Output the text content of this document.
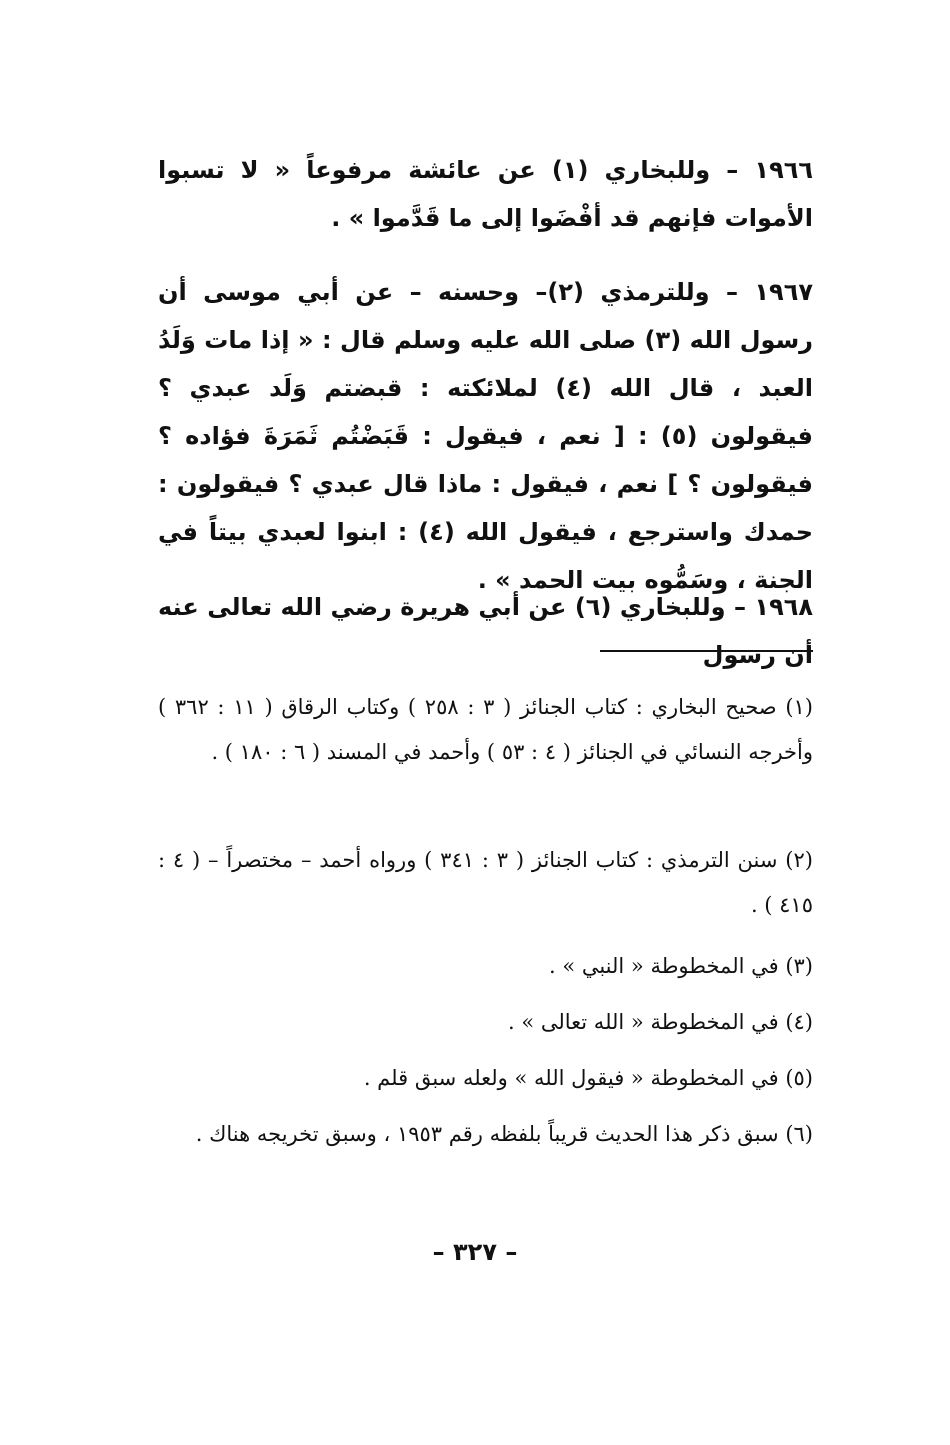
١٩٦٦ – وللبخاري (١) عن عائشة مرفوعاً « لا تسبوا الأموات فإنهم قد أفْضَوا إلى ما قَدَّموا » .

١٩٦٧ – وللترمذي (٢)– وحسنه – عن أبي موسى أن رسول الله (٣) صلى الله عليه وسلم قال : « إذا مات وَلَدُ العبد ، قال الله (٤) لملائكته : قبضتم وَلَد عبدي ؟ فيقولون (٥) : [ نعم ، فيقول : قَبَضْتُم ثَمَرَةَ فؤاده ؟ فيقولون ؟ ] نعم ، فيقول : ماذا قال عبدي ؟ فيقولون : حمدك واسترجع ، فيقول الله (٤) : ابنوا لعبدي بيتاً في الجنة ، وسَمُّوه بيت الحمد » .

١٩٦٨ – وللبخاري (٦) عن أبي هريرة رضي الله تعالى عنه أن رسول

(١) صحيح البخاري : كتاب الجنائز ( ٣ : ٢٥٨ ) وكتاب الرقاق ( ١١ : ٣٦٢ ) وأخرجه النسائي في الجنائز ( ٤ : ٥٣ ) وأحمد في المسند ( ٦ : ١٨٠ ) .

(٢) سنن الترمذي : كتاب الجنائز ( ٣ : ٣٤١ ) ورواه أحمد – مختصراً – ( ٤ : ٤١٥ ) .

(٣) في المخطوطة « النبي » .

(٤) في المخطوطة « الله تعالى » .

(٥) في المخطوطة « فيقول الله » ولعله سبق قلم .

(٦) سبق ذكر هذا الحديث قريباً بلفظه رقم ١٩٥٣ ، وسبق تخريجه هناك .

– ٣٢٧ –
